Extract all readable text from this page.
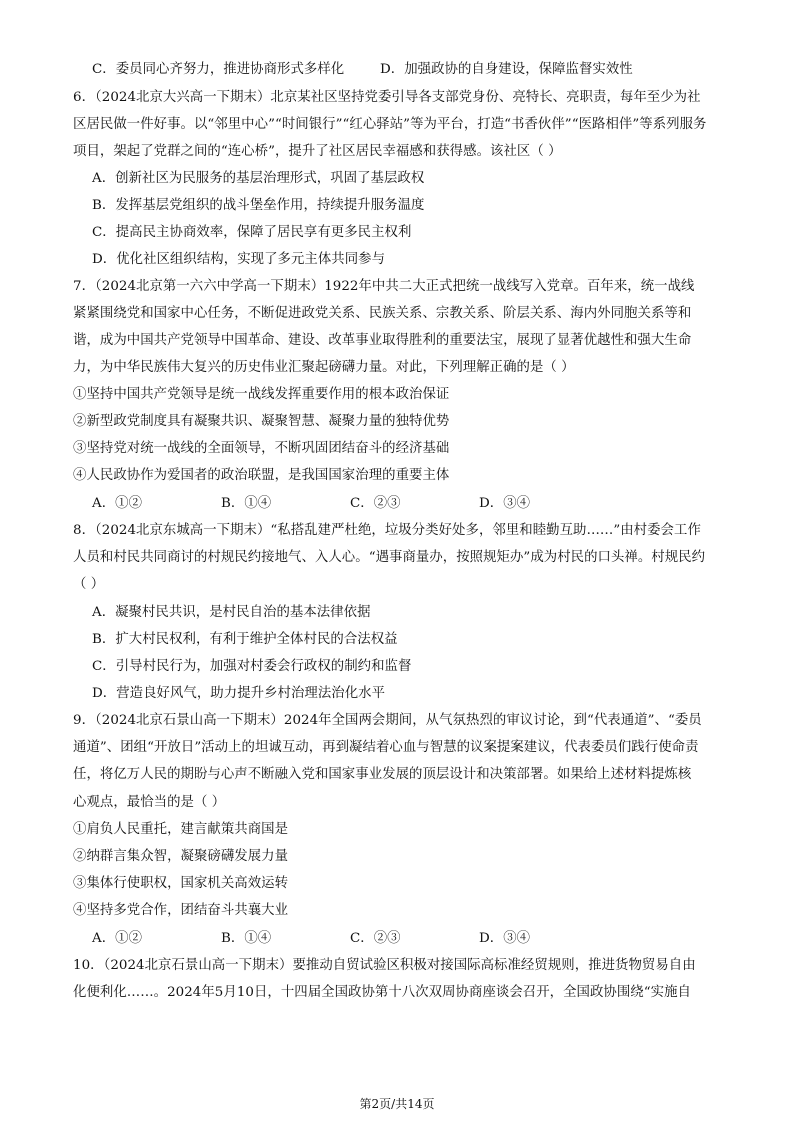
C．委员同心齐努力，推进协商形式多样化	D．加强政协的自身建设，保障监督实效性
6．（2024北京大兴高一下期末）北京某社区坚持党委引导各支部党身份、亮特长、亮职责，每年至少为社
区居民做一件好事。以“邻里中心”“时间银行”“红心驿站”等为平台，打造“书香伙伴”“医路相伴”等系列服务
项目，架起了党群之间的“连心桥”，提升了社区居民幸福感和获得感。该社区（ ）
A．创新社区为民服务的基层治理形式，巩固了基层政权
B．发挥基层党组织的战斗堡垒作用，持续提升服务温度
C．提高民主协商效率，保障了居民享有更多民主权利
D．优化社区组织结构，实现了多元主体共同参与
7．（2024北京第一六六中学高一下期末）1922年中共二大正式把统一战线写入党章。百年来，统一战线
紧紧围绕党和国家中心任务，不断促进政党关系、民族关系、宗教关系、阶层关系、海内外同胞关系等和
谐，成为中国共产党领导中国革命、建设、改革事业取得胜利的重要法宝，展现了显著优越性和强大生命
力，为中华民族伟大复兴的历史伟业汇聚起磅礴力量。对此，下列理解正确的是（ ）
①坚持中国共产党领导是统一战线发挥重要作用的根本政治保证
②新型政党制度具有凝聚共识、凝聚智慧、凝聚力量的独特优势
③坚持党对统一战线的全面领导，不断巩固团结奋斗的经济基础
④人民政协作为爱国者的政治联盟，是我国国家治理的重要主体
A．①②	B．①④	C．②③	D．③④
8．（2024北京东城高一下期末）“私搭乱建严杜绝，垃圾分类好处多，邻里和睦勤互助……”由村委会工作
人员和村民共同商讨的村规民约接地气、入人心。“遇事商量办，按照规矩办”成为村民的口头禅。村规民约
（ ）
A．凝聚村民共识，是村民自治的基本法律依据
B．扩大村民权利，有利于维护全体村民的合法权益
C．引导村民行为，加强对村委会行政权的制约和监督
D．营造良好风气，助力提升乡村治理法治化水平
9．（2024北京石景山高一下期末）2024年全国两会期间，从气氛热烈的审议讨论，到“代表通道”、“委员
通道”、团组“开放日”活动上的坦诚互动，再到凝结着心血与智慧的议案提案建议，代表委员们践行使命责
任，将亿万人民的期盼与心声不断融入党和国家事业发展的顶层设计和决策部署。如果给上述材料提炼核
心观点，最恰当的是（ ）
①肩负人民重托，建言献策共商国是
②纳群言集众智，凝聚磅礴发展力量
③集体行使职权，国家机关高效运转
④坚持多党合作，团结奋斗共襄大业
A．①②	B．①④	C．②③	D．③④
10．（2024北京石景山高一下期末）要推动自贸试验区积极对接国际高标准经贸规则，推进货物贸易自由
化便利化……。2024年5月10日，十四届全国政协第十八次双周协商座谈会召开，全国政协围绕“实施自
第2页/共14页
